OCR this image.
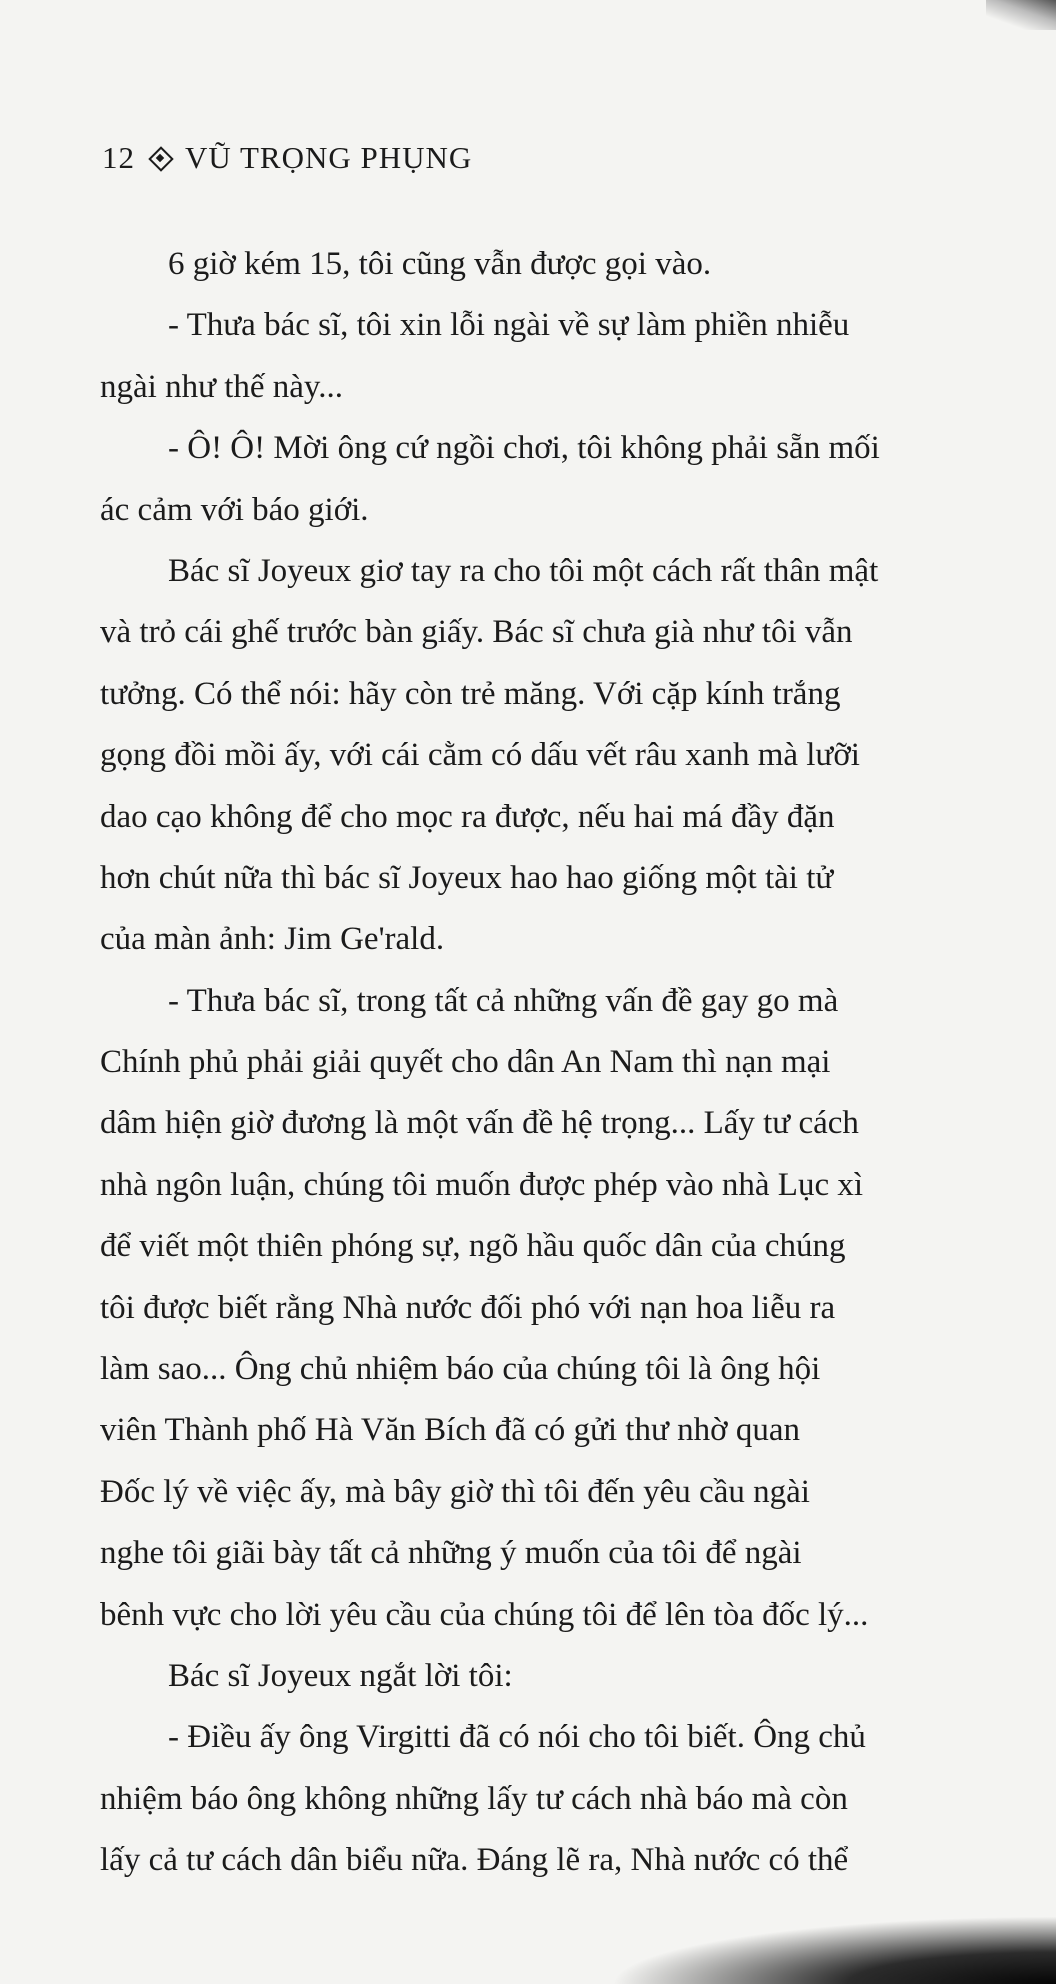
12 VŨ TRỌNG PHỤNG
6 giờ kém 15, tôi cũng vẫn được gọi vào.
- Thưa bác sĩ, tôi xin lỗi ngài về sự làm phiền nhiễu
ngài như thế này...
- Ô! Ô! Mời ông cứ ngồi chơi, tôi không phải sẵn mối
ác cảm với báo giới.
Bác sĩ Joyeux giơ tay ra cho tôi một cách rất thân mật
và trỏ cái ghế trước bàn giấy. Bác sĩ chưa già như tôi vẫn
tưởng. Có thể nói: hãy còn trẻ măng. Với cặp kính trắng
gọng đồi mồi ấy, với cái cằm có dấu vết râu xanh mà lưỡi
dao cạo không để cho mọc ra được, nếu hai má đầy đặn
hơn chút nữa thì bác sĩ Joyeux hao hao giống một tài tử
của màn ảnh: Jim Ge'rald.
- Thưa bác sĩ, trong tất cả những vấn đề gay go mà
Chính phủ phải giải quyết cho dân An Nam thì nạn mại
dâm hiện giờ đương là một vấn đề hệ trọng... Lấy tư cách
nhà ngôn luận, chúng tôi muốn được phép vào nhà Lục xì
để viết một thiên phóng sự, ngõ hầu quốc dân của chúng
tôi được biết rằng Nhà nước đối phó với nạn hoa liễu ra
làm sao... Ông chủ nhiệm báo của chúng tôi là ông hội
viên Thành phố Hà Văn Bích đã có gửi thư nhờ quan
Đốc lý về việc ấy, mà bây giờ thì tôi đến yêu cầu ngài
nghe tôi giãi bày tất cả những ý muốn của tôi để ngài
bênh vực cho lời yêu cầu của chúng tôi để lên tòa đốc lý...
Bác sĩ Joyeux ngắt lời tôi:
- Điều ấy ông Virgitti đã có nói cho tôi biết. Ông chủ
nhiệm báo ông không những lấy tư cách nhà báo mà còn
lấy cả tư cách dân biểu nữa. Đáng lẽ ra, Nhà nước có thể
